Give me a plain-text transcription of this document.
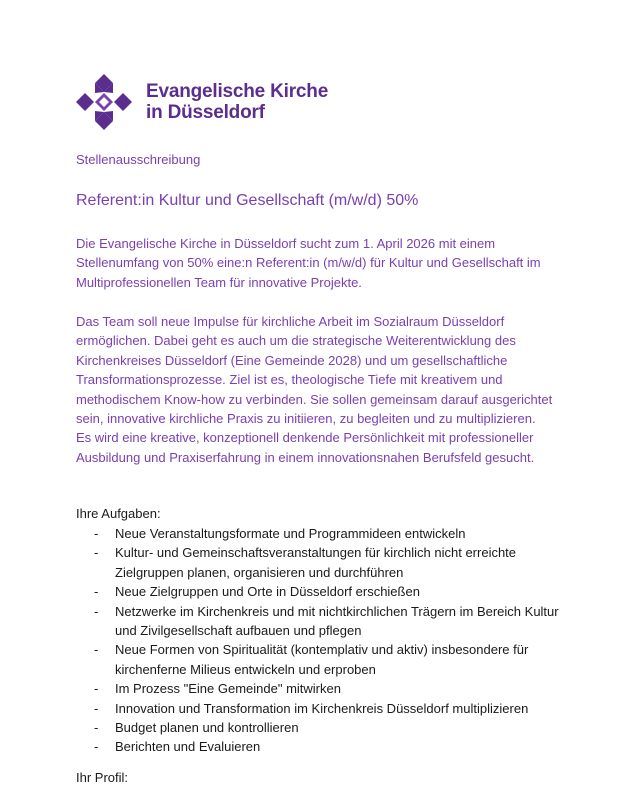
Evangelische Kirche
in Düsseldorf
Stellenausschreibung
Referent:in Kultur und Gesellschaft (m/w/d) 50%

Die Evangelische Kirche in Düsseldorf sucht zum 1. April 2026 mit einem Stellenumfang von 50% eine:n Referent:in (m/w/d) für Kultur und Gesellschaft im Multiprofessionellen Team für innovative Projekte.

Das Team soll neue Impulse für kirchliche Arbeit im Sozialraum Düsseldorf ermöglichen. Dabei geht es auch um die strategische Weiterentwicklung des Kirchenkreises Düsseldorf (Eine Gemeinde 2028) und um gesellschaftliche Transformationsprozesse. Ziel ist es, theologische Tiefe mit kreativem und methodischem Know-how zu verbinden. Sie sollen gemeinsam darauf ausgerichtet sein, innovative kirchliche Praxis zu initiieren, zu begleiten und zu multiplizieren.
Es wird eine kreative, konzeptionell denkende Persönlichkeit mit professioneller Ausbildung und Praxiserfahrung in einem innovationsnahen Berufsfeld gesucht.
Ihre Aufgaben:
-	Neue Veranstaltungsformate und Programmideen entwickeln
-	Kultur- und Gemeinschaftsveranstaltungen für kirchlich nicht erreichte Zielgruppen planen, organisieren und durchführen
-	Neue Zielgruppen und Orte in Düsseldorf erschießen
-	Netzwerke im Kirchenkreis und mit nichtkirchlichen Trägern im Bereich Kultur und Zivilgesellschaft aufbauen und pflegen
-	Neue Formen von Spiritualität (kontemplativ und aktiv) insbesondere für kirchenferne Milieus entwickeln und erproben
-	Im Prozess "Eine Gemeinde" mitwirken
-	Innovation und Transformation im Kirchenkreis Düsseldorf multiplizieren
-	Budget planen und kontrollieren
-	Berichten und Evaluieren
Ihr Profil:
